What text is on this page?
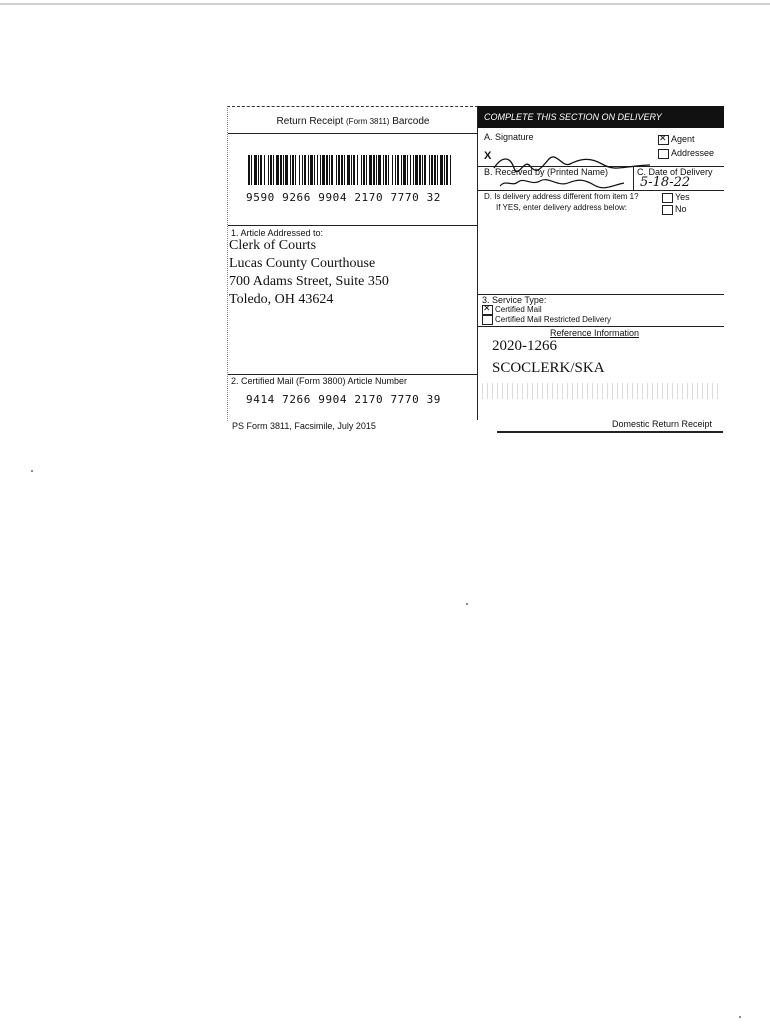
Return Receipt (Form 3811) Barcode
9590 9266 9904 2170 7770 32
1. Article Addressed to:
Clerk of Courts
Lucas County Courthouse
700 Adams Street, Suite 350
Toledo, OH 43624
2. Certified Mail (Form 3800) Article Number
9414 7266 9904 2170 7770 39
COMPLETE THIS SECTION ON DELIVERY
A. Signature
X
✕Agent
Addressee
B. Received by (Printed Name)	C. Date of Delivery
5-18-22
D. Is delivery address different from item 1?
If YES, enter delivery address below:
Yes
No
3. Service Type:
✕Certified Mail
Certified Mail Restricted Delivery
Reference Information
2020-1266
SCOCLERK/SKA
PS Form 3811, Facsimile, July 2015	Domestic Return Receipt
